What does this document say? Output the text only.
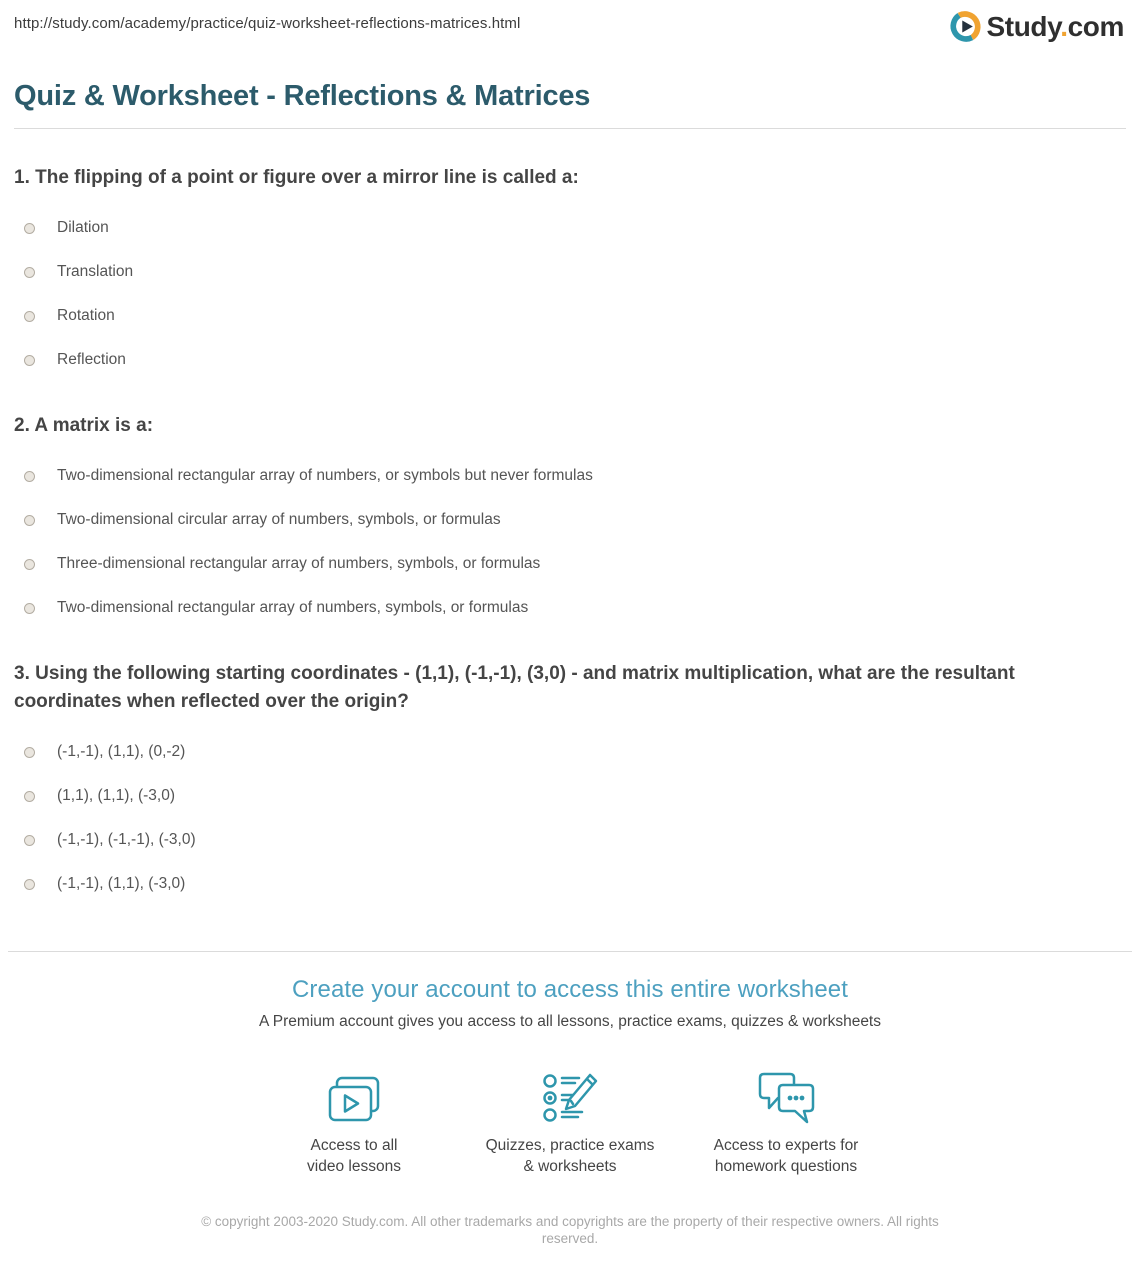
http://study.com/academy/practice/quiz-worksheet-reflections-matrices.html	Study.com
Quiz & Worksheet - Reflections & Matrices
1. The flipping of a point or figure over a mirror line is called a:
Dilation
Translation
Rotation
Reflection
2. A matrix is a:
Two-dimensional rectangular array of numbers, or symbols but never formulas
Two-dimensional circular array of numbers, symbols, or formulas
Three-dimensional rectangular array of numbers, symbols, or formulas
Two-dimensional rectangular array of numbers, symbols, or formulas
3. Using the following starting coordinates - (1,1), (-1,-1), (3,0) - and matrix multiplication, what are the resultant coordinates when reflected over the origin?
(-1,-1), (1,1), (0,-2)
(1,1), (1,1), (-3,0)
(-1,-1), (-1,-1), (-3,0)
(-1,-1), (1,1), (-3,0)
Create your account to access this entire worksheet
A Premium account gives you access to all lessons, practice exams, quizzes & worksheets
Access to all
video lessons
Quizzes, practice exams
& worksheets
Access to experts for
homework questions
© copyright 2003-2020 Study.com. All other trademarks and copyrights are the property of their respective owners. All rights reserved.
